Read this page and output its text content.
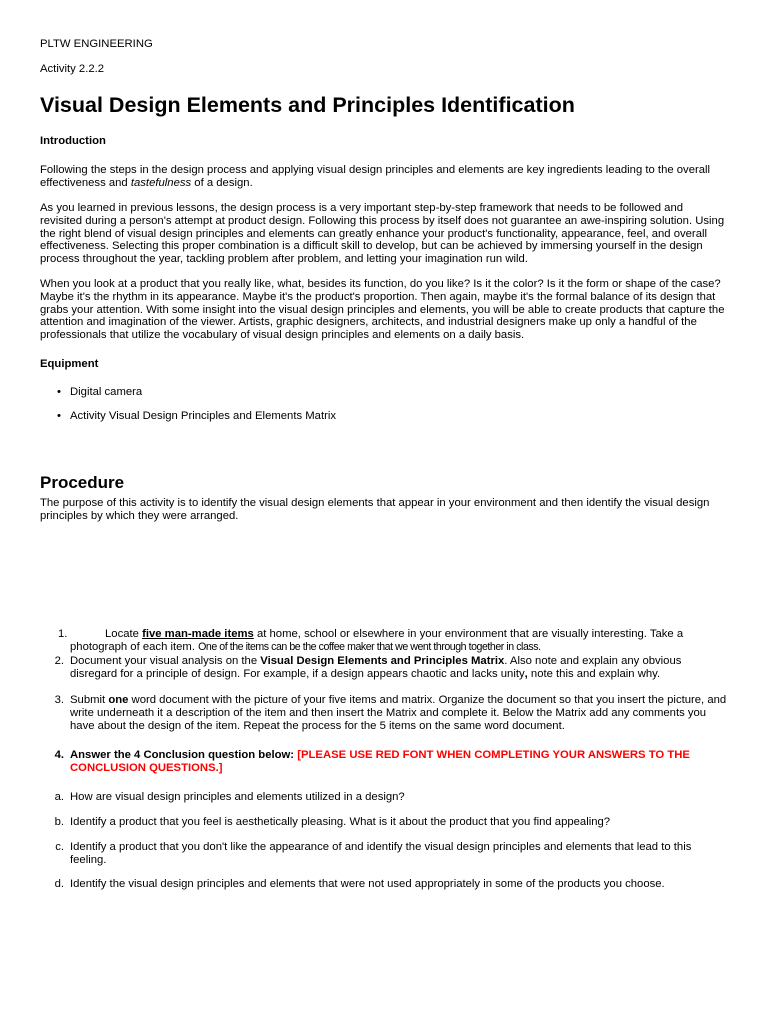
PLTW ENGINEERING

Activity 2.2.2

Visual Design Elements and Principles Identification

Introduction

Following the steps in the design process and applying visual design principles and elements are key ingredients leading to the overall effectiveness and tastefulness of a design.

As you learned in previous lessons, the design process is a very important step-by-step framework that needs to be followed and revisited during a person's attempt at product design. Following this process by itself does not guarantee an awe-inspiring solution. Using the right blend of visual design principles and elements can greatly enhance your product's functionality, appearance, feel, and overall effectiveness. Selecting this proper combination is a difficult skill to develop, but can be achieved by immersing yourself in the design process throughout the year, tackling problem after problem, and letting your imagination run wild.

When you look at a product that you really like, what, besides its function, do you like? Is it the color? Is it the form or shape of the case? Maybe it's the rhythm in its appearance. Maybe it's the product's proportion. Then again, maybe it's the formal balance of its design that grabs your attention. With some insight into the visual design principles and elements, you will be able to create products that capture the attention and imagination of the viewer. Artists, graphic designers, architects, and industrial designers make up only a handful of the professionals that utilize the vocabulary of visual design principles and elements on a daily basis.

Equipment

• Digital camera

• Activity Visual Design Principles and Elements Matrix

Procedure

The purpose of this activity is to identify the visual design elements that appear in your environment and then identify the visual design principles by which they were arranged.

1.	Locate five man-made items at home, school or elsewhere in your environment that are visually interesting. Take a photograph of each item. One of the items can be the coffee maker that we went through together in class.

2. Document your visual analysis on the Visual Design Elements and Principles Matrix. Also note and explain any obvious disregard for a principle of design. For example, if a design appears chaotic and lacks unity, note this and explain why.

3. Submit one word document with the picture of your five items and matrix. Organize the document so that you insert the picture, and write underneath it a description of the item and then insert the Matrix and complete it. Below the Matrix add any comments you have about the design of the item. Repeat the process for the 5 items on the same word document.

4. Answer the 4 Conclusion question below: [PLEASE USE RED FONT WHEN COMPLETING YOUR ANSWERS TO THE CONCLUSION QUESTIONS.]

a. How are visual design principles and elements utilized in a design?

b. Identify a product that you feel is aesthetically pleasing. What is it about the product that you find appealing?

c. Identify a product that you don't like the appearance of and identify the visual design principles and elements that lead to this feeling.

d. Identify the visual design principles and elements that were not used appropriately in some of the products you choose.
